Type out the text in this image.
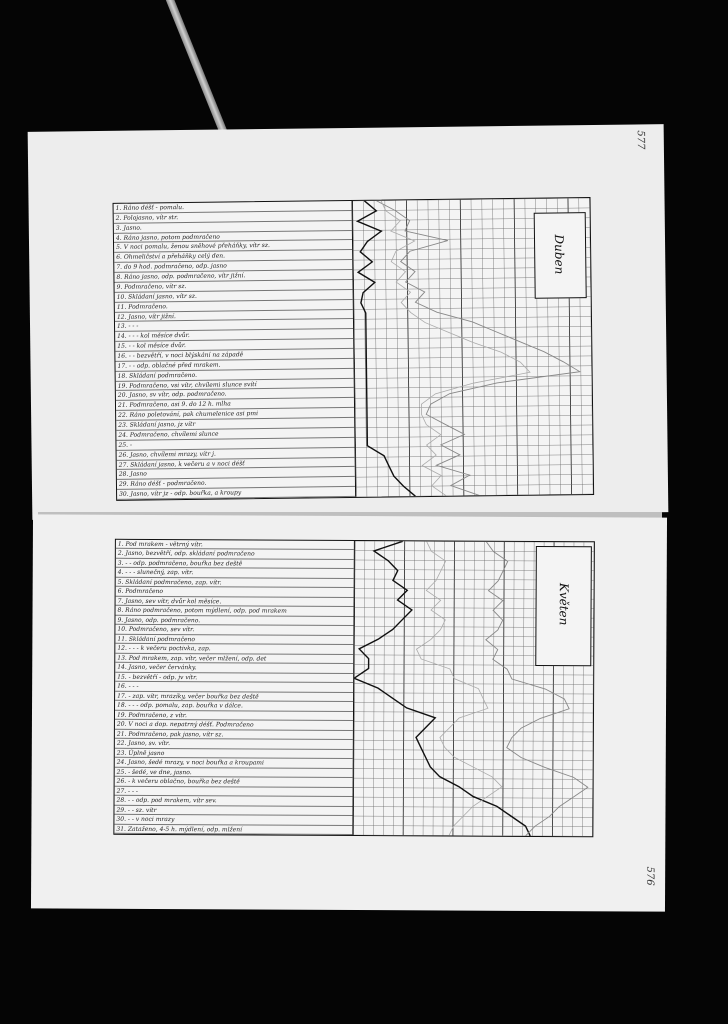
577
1. Ráno déšť - pomalu.
2. Polojasno, vítr str.
3. Jasno.
4. Ráno jasno, potom podmračeno
5. V noci pomalu, ženou sněhové přeháňky, vítr sz.
6. Ohmeličství a přeháňky celý den.
7. do 9 hod. podmračeno, odp. jasno
8. Ráno jasno, odp. podmračeno, vítr jižní.
9. Podmračeno, vítr sz.
10. Skládaní jasno, vítr sz.
11. Podmračeno.
12. Jasno, vítr jižní.
13. - - -
14. - - - kol měsíce dvůr.
15. - - kol měsíce dvůr.
16. - - bezvětří, v noci blýskání na západě
17. - - odp. oblačné před mrakem.
18. Skládaní podmračeno.
19. Podmračeno, vsi vítr, chvílemi slunce svítí
20. Jasno, sv vítr, odp. podmračeno.
21. Podmračeno, asi 9. do 12 h. mlha
22. Ráno poletování, pak chumelenice asi pmi
23. Skládaní jasno, jz vítr
24. Podmračeno, chvílemi slunce
25. -
26. Jasno, chvílemi mrazy, vítr j.
27. Skládaní jasno, k večeru a v noci déšť
28. Jasno
29. Ráno déšť - podmračeno.
30. Jasno, vítr jz - odp. bouřka, a kroupy
Duben
576
1. Pod mrakem - větrný vítr.
2. Jasno, bezvětří, odp. skládaní podmračeno
3. - - odp. podmračeno, bouřka bez deště
4. - - - slunečný, zap. vítr.
5. Skládaní podmračeno, zap. vítr.
6. Podmračeno
7. Jasno, sev vítr, dvůr kol měsíce.
8. Ráno podmračeno, potom mýdlení, odp. pod mrakem
9. Jasno, odp. podmračeno.
10. Podmračeno, sev vítr.
11. Skládaní podmračeno
12. - - - k večeru poctivka, zap.
13. Pod mrakem, zap. vítr, večer mlžení, odp. det
14. Jasno, večer červánky.
15. - bezvětří - odp. jv vítr.
16. - - -
17. - zap. vítr, mrazíky, večer bouřka bez deště
18. - - - odp. pomalu, zap. bouřka v dálce.
19. Podmračeno, z vítr.
20. V noci a dop. nepatrný déšť. Podmračeno
21. Podmračeno, pak jasno, vítr sz.
22. Jasno, sv. vítr.
23. Úplně jasno
24. Jasno, šedé mrazy, v noci bouřka a kroupami
25. - šedé, ve dne, jasno.
26. - k večeru oblačno, bouřka bez deště
27. - - -
28. - - odp. pod mrakem, vítr sev.
29. - - sz. vítr
30. - - v noci mrazy
31. Zataženo, 4-5 h. mýdlení, odp. mlžení
Květen
